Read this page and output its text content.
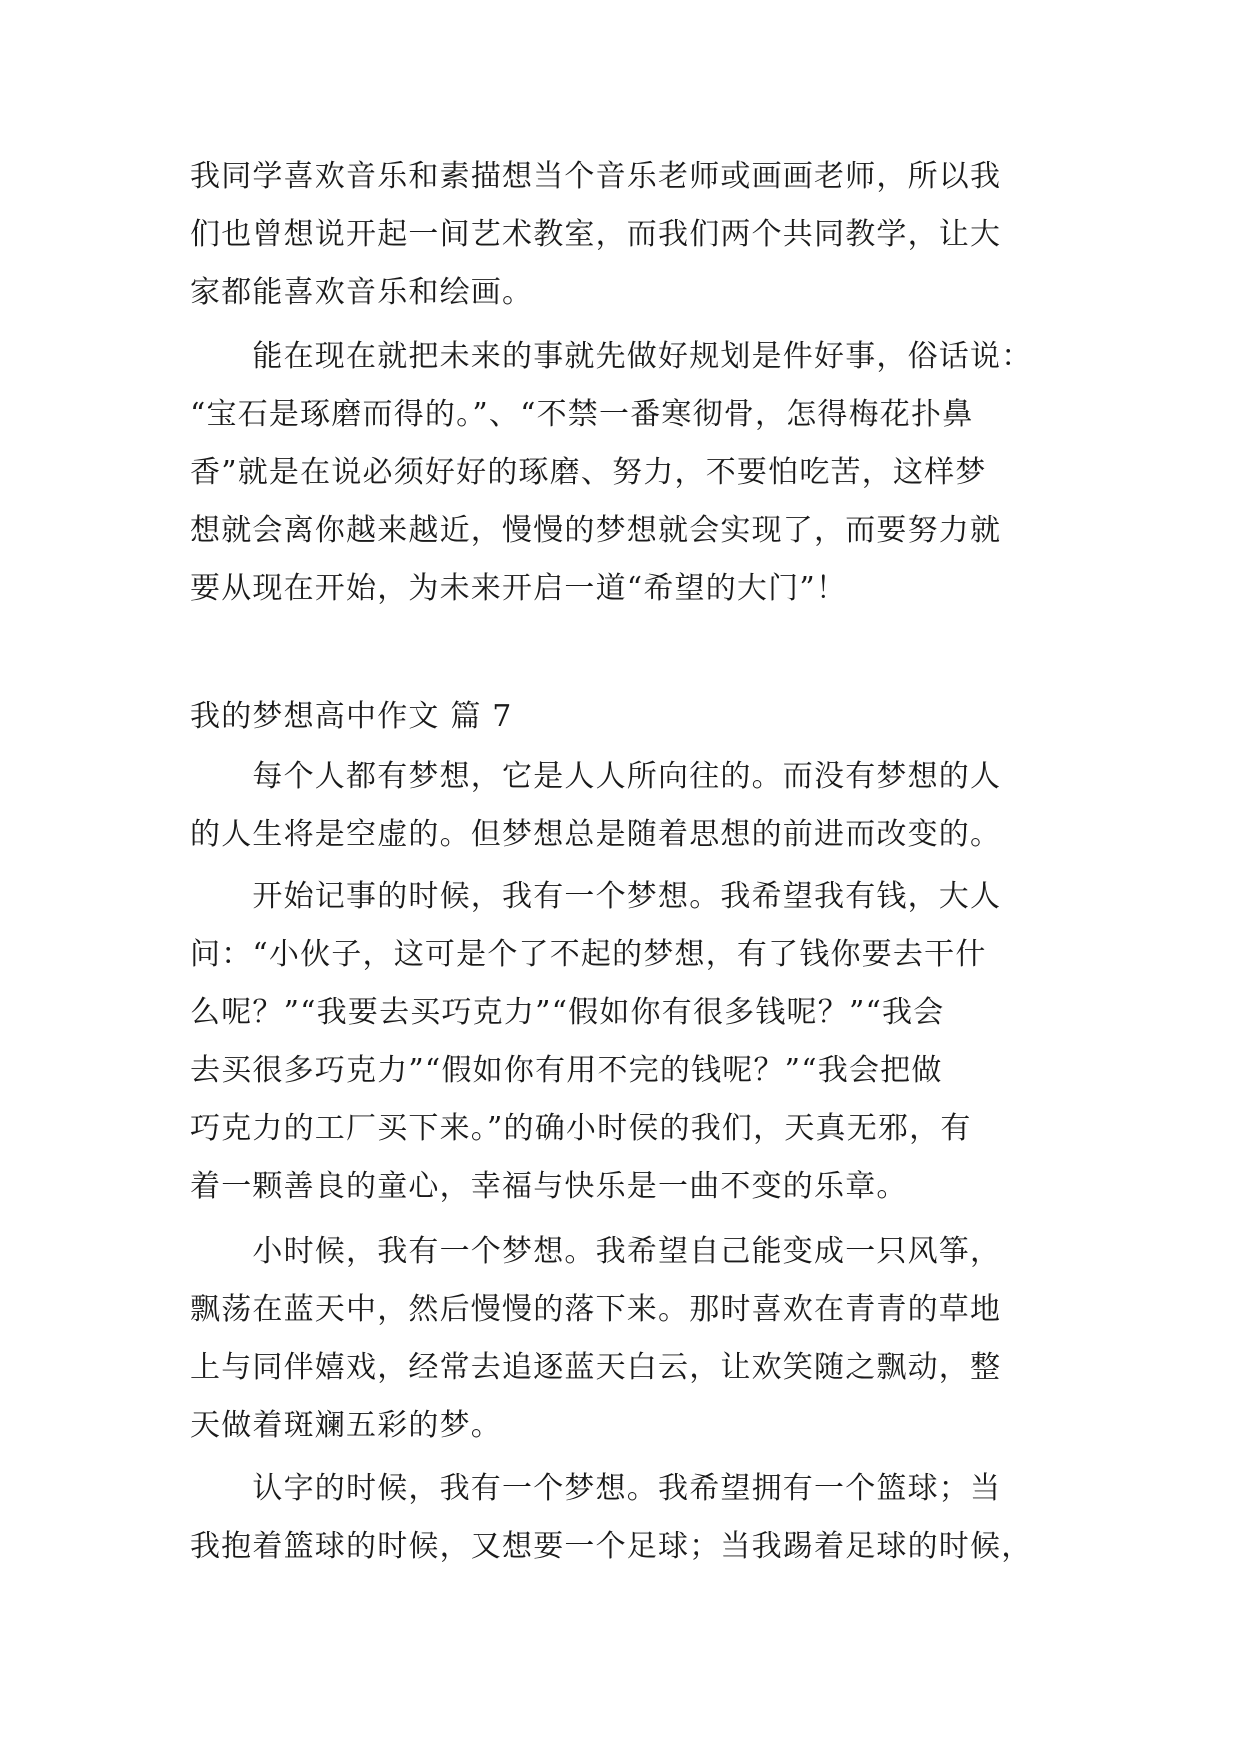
我同学喜欢音乐和素描想当个音乐老师或画画老师，所以我
们也曾想说开起一间艺术教室，而我们两个共同教学，让大
家都能喜欢音乐和绘画。

　　能在现在就把未来的事就先做好规划是件好事，俗话说：
“宝石是琢磨而得的。”、“不禁一番寒彻骨，怎得梅花扑鼻
香”就是在说必须好好的琢磨、努力，不要怕吃苦，这样梦
想就会离你越来越近，慢慢的梦想就会实现了，而要努力就
要从现在开始，为未来开启一道“希望的大门”！

我的梦想高中作文 篇 7

　　每个人都有梦想，它是人人所向往的。而没有梦想的人
的人生将是空虚的。但梦想总是随着思想的前进而改变的。

　　开始记事的时候，我有一个梦想。我希望我有钱，大人
问：“小伙子，这可是个了不起的梦想，有了钱你要去干什
么呢？”“我要去买巧克力”“假如你有很多钱呢？”“我会
去买很多巧克力”“假如你有用不完的钱呢？”“我会把做
巧克力的工厂买下来。”的确小时侯的我们，天真无邪，有
着一颗善良的童心，幸福与快乐是一曲不变的乐章。

　　小时候，我有一个梦想。我希望自己能变成一只风筝，
飘荡在蓝天中，然后慢慢的落下来。那时喜欢在青青的草地
上与同伴嬉戏，经常去追逐蓝天白云，让欢笑随之飘动，整
天做着斑斓五彩的梦。

　　认字的时候，我有一个梦想。我希望拥有一个篮球；当
我抱着篮球的时候，又想要一个足球；当我踢着足球的时候，
